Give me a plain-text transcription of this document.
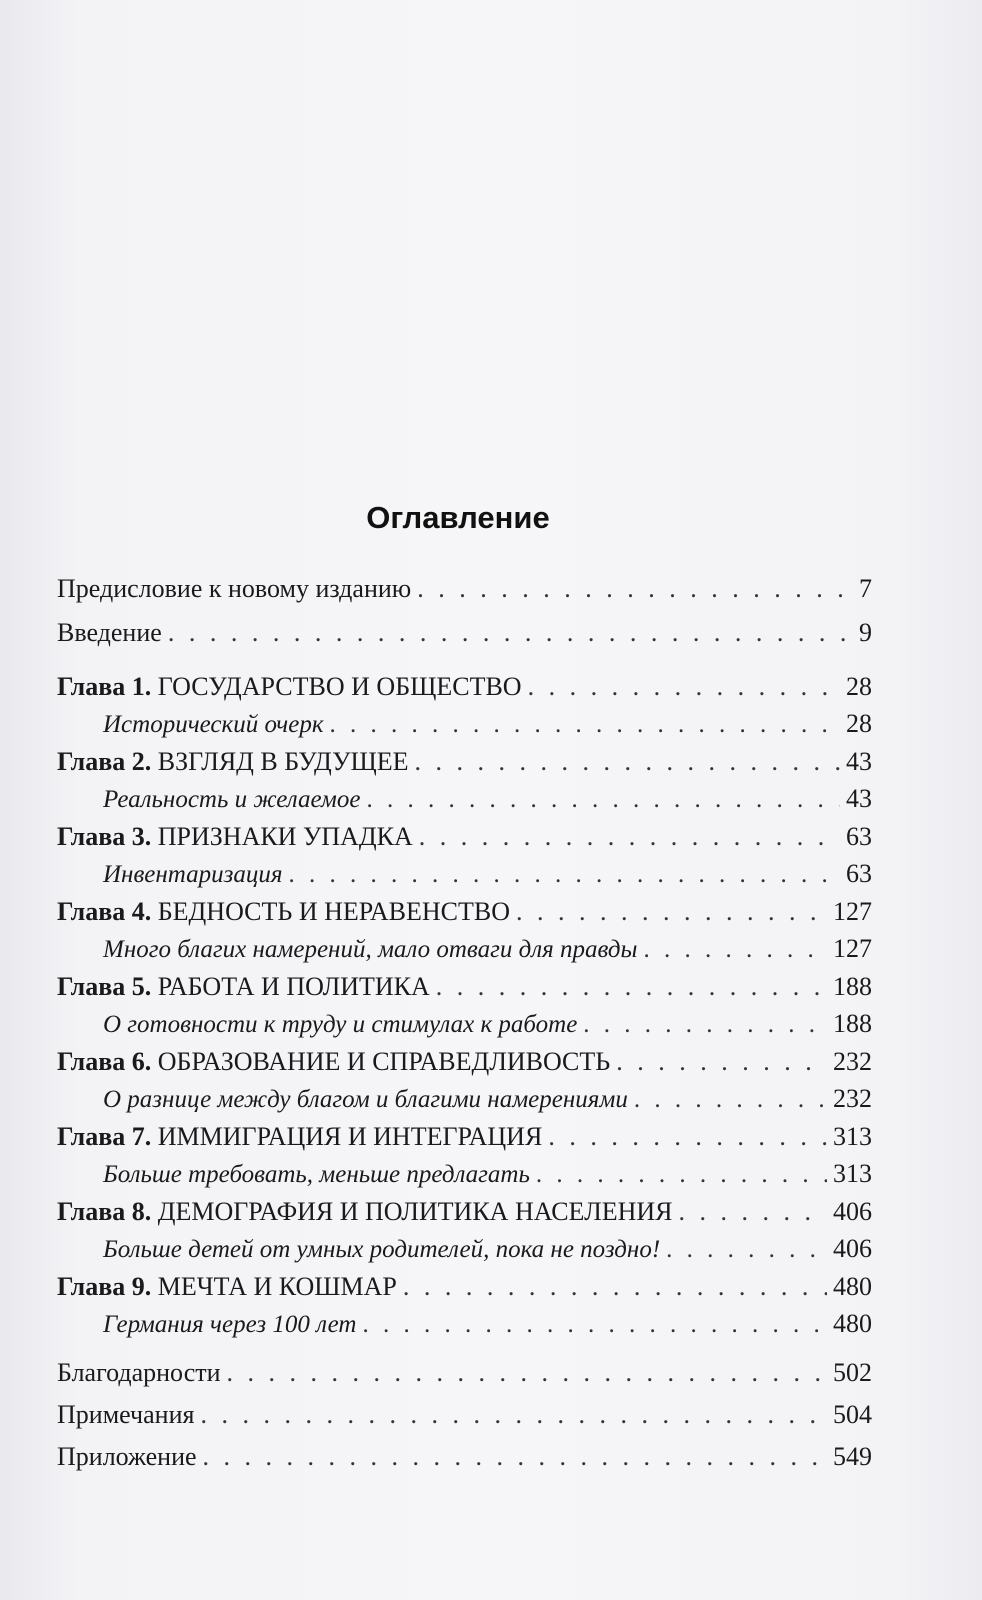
Оглавление
Предисловие к новому изданию . . .	7
Введение . . .	9
Глава 1. ГОСУДАРСТВО И ОБЩЕСТВО . . .	28
Исторический очерк . . .	28
Глава 2. ВЗГЛЯД В БУДУЩЕЕ . . .	43
Реальность и желаемое . . .	43
Глава 3. ПРИЗНАКИ УПАДКА . . .	63
Инвентаризация . . .	63
Глава 4. БЕДНОСТЬ И НЕРАВЕНСТВО . . .	127
Много благих намерений, мало отваги для правды . . .	127
Глава 5. РАБОТА И ПОЛИТИКА . . .	188
О готовности к труду и стимулах к работе . . .	188
Глава 6. ОБРАЗОВАНИЕ И СПРАВЕДЛИВОСТЬ . . .	232
О разнице между благом и благими намерениями . . .	232
Глава 7. ИММИГРАЦИЯ И ИНТЕГРАЦИЯ . . .	313
Больше требовать, меньше предлагать . . .	313
Глава 8. ДЕМОГРАФИЯ И ПОЛИТИКА НАСЕЛЕНИЯ . . .	406
Больше детей от умных родителей, пока не поздно! . . .	406
Глава 9. МЕЧТА И КОШМАР . . .	480
Германия через 100 лет . . .	480
Благодарности . . .	502
Примечания . . .	504
Приложение . . .	549
